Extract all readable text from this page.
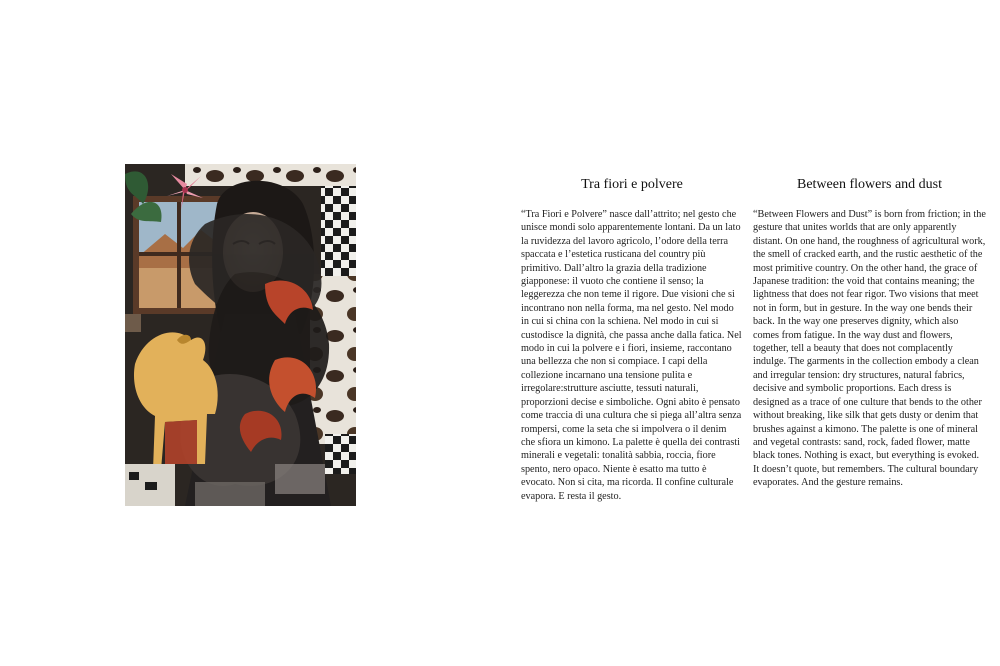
Tra fiori e polvere

“Tra Fiori e Polvere” nasce dall’attrito; nel gesto che unisce mondi solo apparentemente lontani. Da un lato la ruvidezza del lavoro agricolo, l’odore della terra spaccata e l’estetica rusticana del country più primitivo. Dall’altro la grazia della tradizione giapponese: il vuoto che contiene il senso; la leggerezza che non teme il rigore. Due visioni che si incontrano non nella forma, ma nel gesto. Nel modo in cui si china con la schiena. Nel modo in cui si custodisce la dignità, che passa anche dalla fatica. Nel modo in cui la polvere e i fiori, insieme, raccontano una bellezza che non si compiace. I capi della collezione incarnano una tensione pulita e irregolare:strutture asciutte, tessuti naturali, proporzioni decise e simboliche. Ogni abito è pensato come traccia di una cultura che si piega all’altra senza rompersi, come la seta che si impolvera o il denim che sfiora un kimono. La palette è quella dei contrasti minerali e vegetali: tonalità sabbia, roccia, fiore spento, nero opaco. Niente è esatto ma tutto è evocato. Non si cita, ma ricorda. Il confine culturale evapora. E resta il gesto.

Between flowers and dust

“Between Flowers and Dust” is born from friction; in the gesture that unites worlds that are only apparently distant. On one hand, the roughness of agricultural work, the smell of cracked earth, and the rustic aesthetic of the most primitive country. On the other hand, the grace of Japanese tradition: the void that contains meaning; the lightness that does not fear rigor. Two visions that meet not in form, but in gesture. In the way one bends their back. In the way one preserves dignity, which also comes from fatigue. In the way dust and flowers, together, tell a beauty that does not complacently indulge. The garments in the collection embody a clean and irregular tension: dry structures, natural fabrics, decisive and symbolic proportions. Each dress is designed as a trace of one culture that bends to the other without breaking, like silk that gets dusty or denim that brushes against a kimono. The palette is one of mineral and vegetal contrasts: sand, rock, faded flower, matte black tones. Nothing is exact, but everything is evoked. It doesn’t quote, but remembers. The cultural boundary evaporates. And the gesture remains.
